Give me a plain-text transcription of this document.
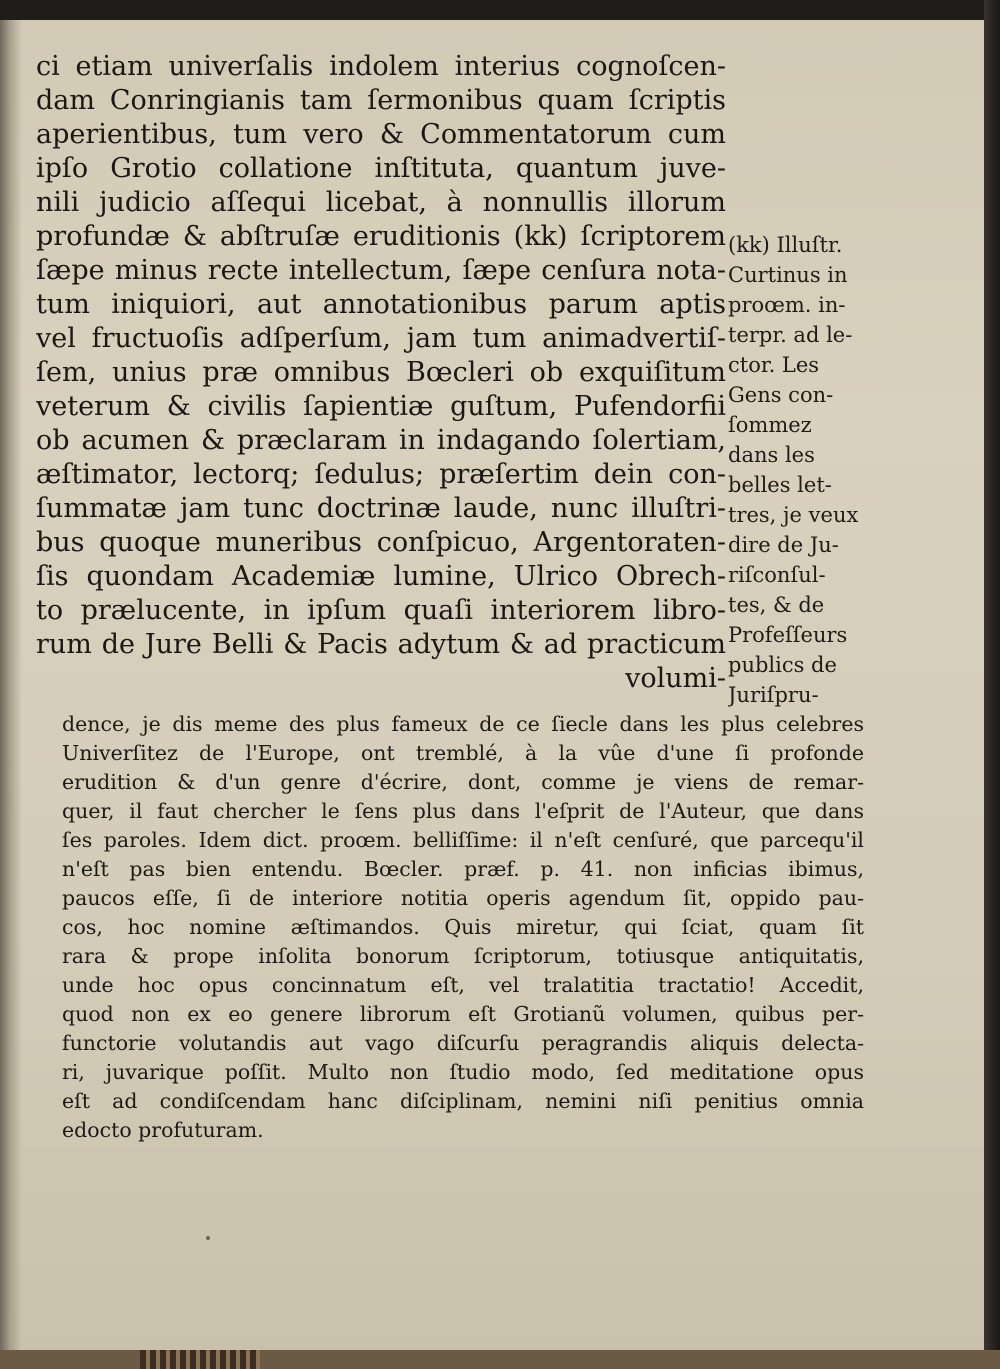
ci etiam univerſalis indolem interius cognoſcen-
dam Conringianis tam ſermonibus quam ſcriptis
aperientibus, tum vero & Commentatorum cum
ipſo Grotio collatione inſtituta, quantum juve-
nili judicio aſſequi licebat, à nonnullis illorum
profundæ & abſtruſæ eruditionis (kk) ſcriptorem
ſæpe minus recte intellectum, ſæpe cenſura nota-
tum iniquiori, aut annotationibus parum aptis
vel fructuoſis adſperſum, jam tum animadvertiſ-
ſem, unius præ omnibus Bœcleri ob exquiſitum
veterum & civilis ſapientiæ guſtum, Pufendorfii
ob acumen & præclaram in indagando ſolertiam,
æſtimator, lectorq; ſedulus; præſertim dein con-
ſummatæ jam tunc doctrinæ laude, nunc illuſtri-
bus quoque muneribus conſpicuo, Argentoraten-
ſis quondam Academiæ lumine, Ulrico Obrech-
to prælucente, in ipſum quaſi interiorem libro-
rum de Jure Belli & Pacis adytum & ad practicum
volumi-
(kk) Illuſtr.
Curtinus in
proœm. in-
terpr. ad le-
ctor. Les
Gens con-
ſommez
dans les
belles let-
tres, je veux
dire de Ju-
riſconſul-
tes, & de
Profeſſeurs
publics de
Juriſpru-
dence, je dis meme des plus fameux de ce ſiecle dans les plus celebres
Univerſitez de l'Europe, ont tremblé, à la vûe d'une ſi profonde
erudition & d'un genre d'écrire, dont, comme je viens de remar-
quer, il faut chercher le ſens plus dans l'eſprit de l'Auteur, que dans
ſes paroles. Idem dict. proœm. belliſſime: il n'eſt cenſuré, que parcequ'il
n'eſt pas bien entendu. Bœcler. præf. p. 41. non inficias ibimus,
paucos eſſe, ſi de interiore notitia operis agendum ſit, oppido pau-
cos, hoc nomine æſtimandos. Quis miretur, qui ſciat, quam ſit
rara & prope inſolita bonorum ſcriptorum, totiusque antiquitatis,
unde hoc opus concinnatum eſt, vel tralatitia tractatio! Accedit,
quod non ex eo genere librorum eſt Grotianũ volumen, quibus per-
functorie volutandis aut vago diſcurſu peragrandis aliquis delecta-
ri, juvarique poſſit. Multo non ſtudio modo, ſed meditatione opus
eſt ad condiſcendam hanc diſciplinam, nemini niſi penitius omnia
edocto profuturam.
